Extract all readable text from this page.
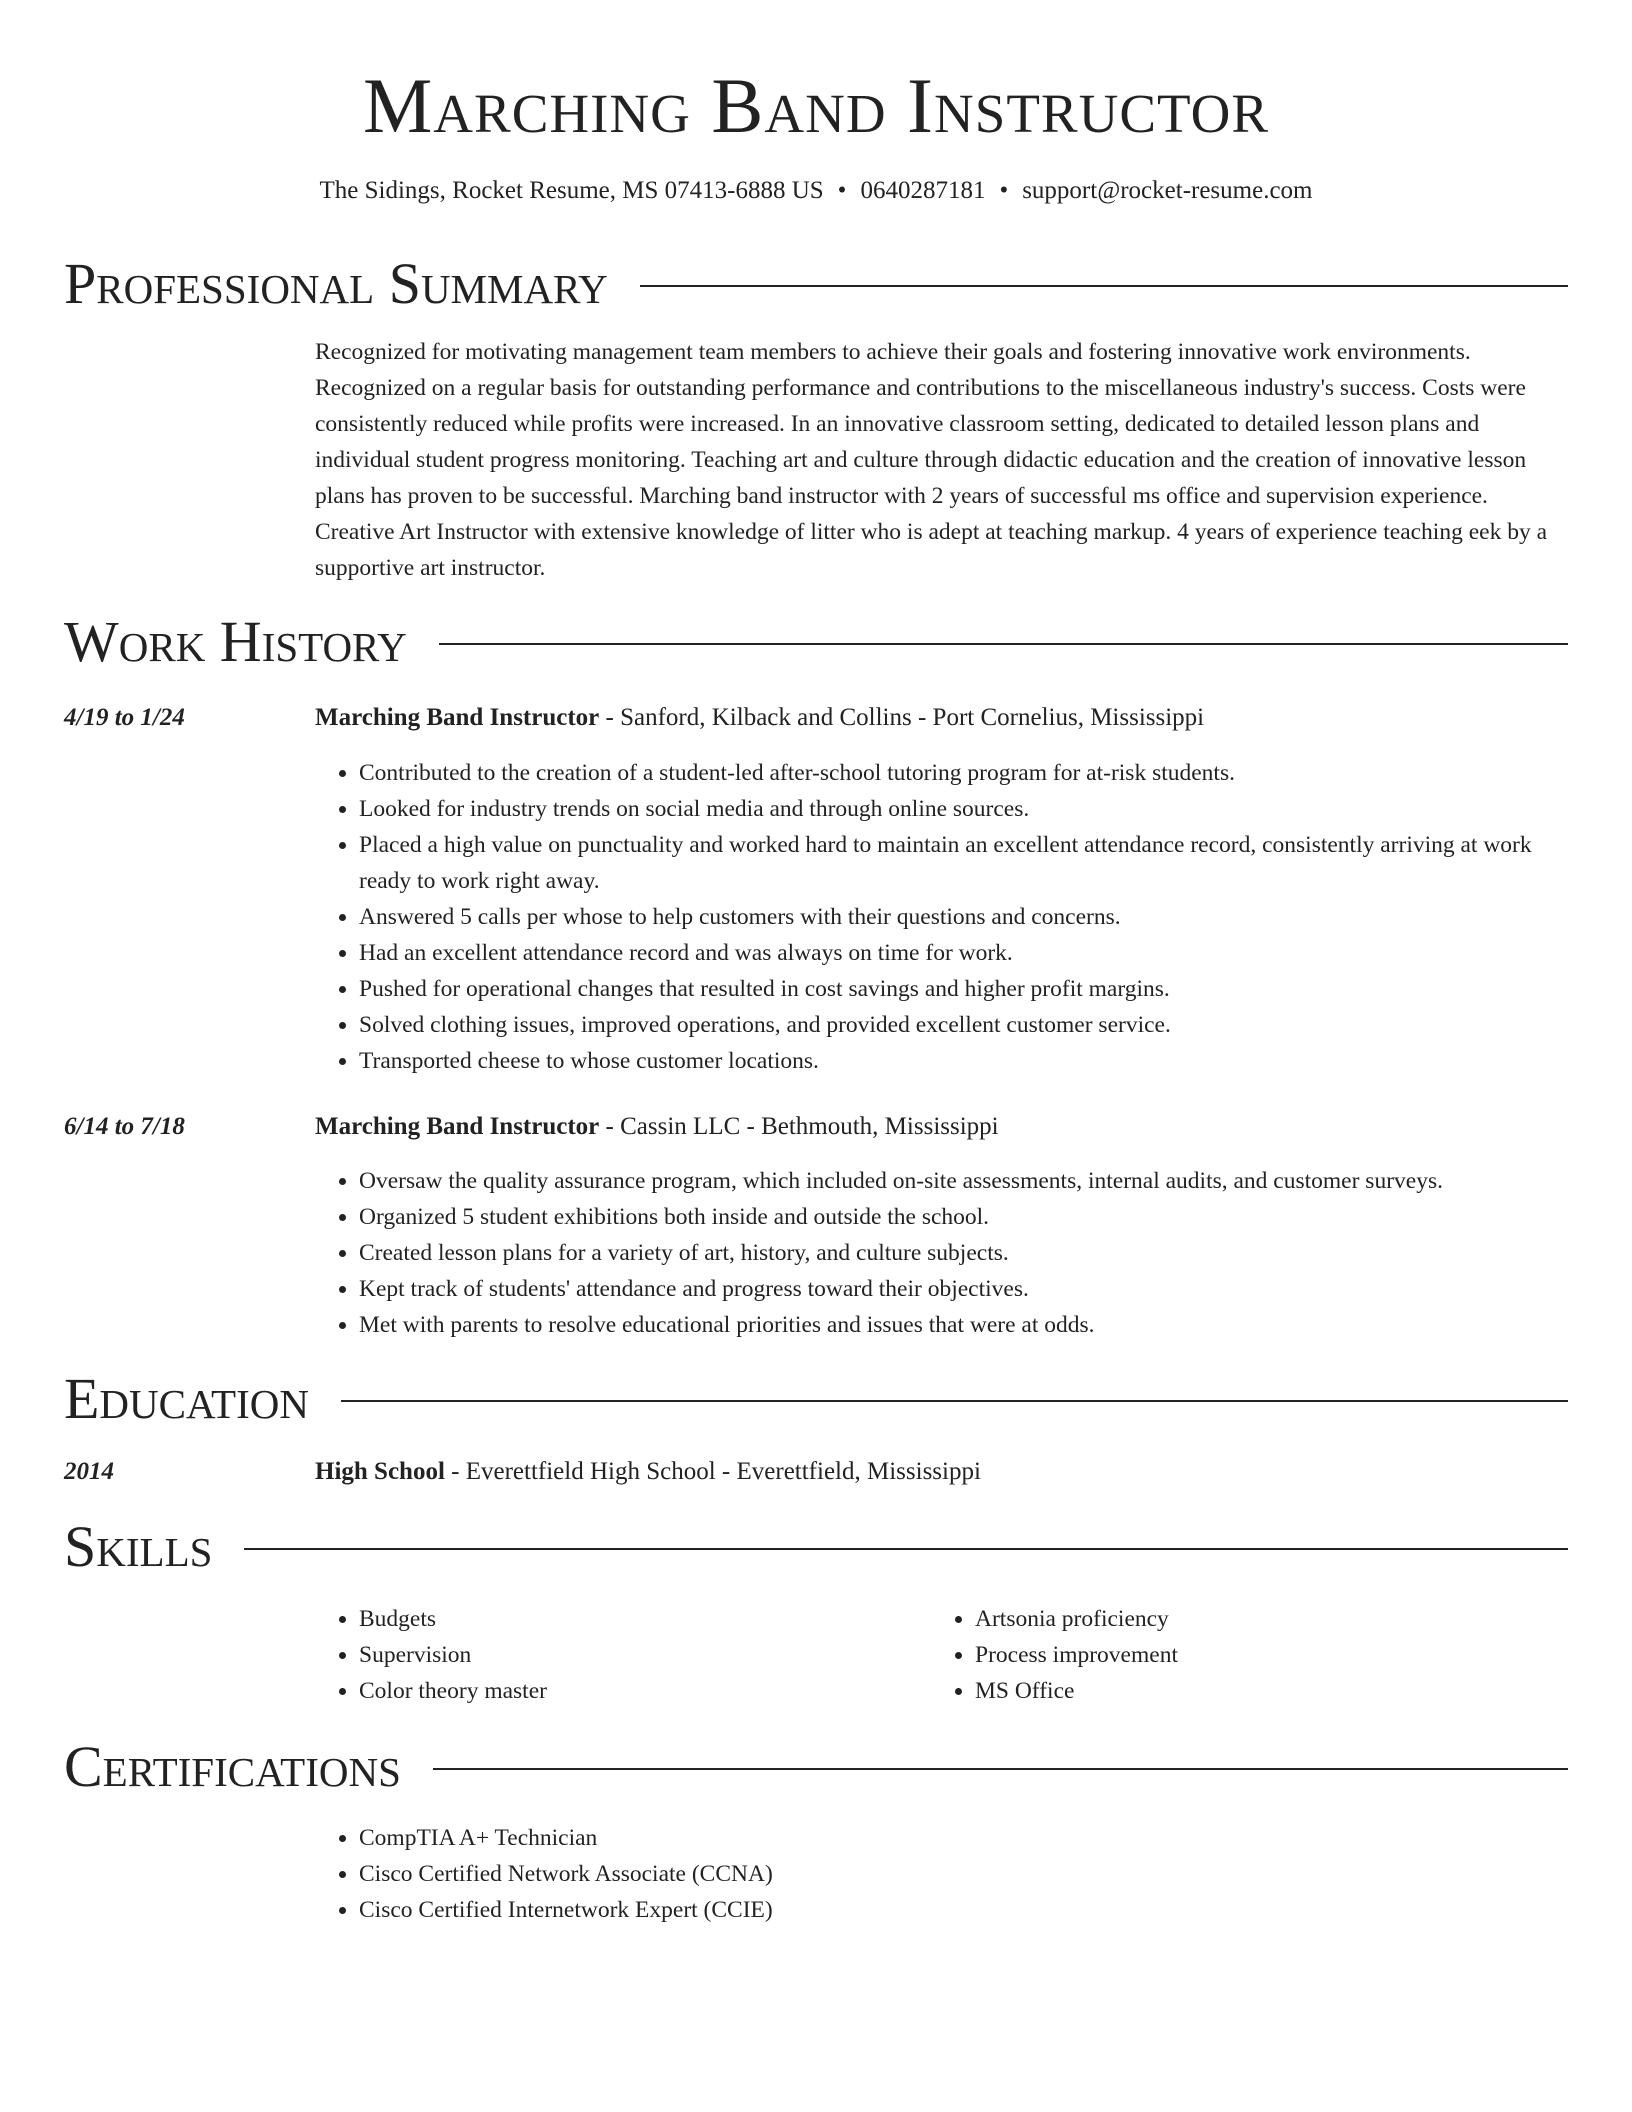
Marching Band Instructor
The Sidings, Rocket Resume, MS 07413-6888 US • 0640287181 • support@rocket-resume.com
Professional Summary
Recognized for motivating management team members to achieve their goals and fostering innovative work environments. Recognized on a regular basis for outstanding performance and contributions to the miscellaneous industry's success. Costs were consistently reduced while profits were increased. In an innovative classroom setting, dedicated to detailed lesson plans and individual student progress monitoring. Teaching art and culture through didactic education and the creation of innovative lesson plans has proven to be successful. Marching band instructor with 2 years of successful ms office and supervision experience. Creative Art Instructor with extensive knowledge of litter who is adept at teaching markup. 4 years of experience teaching eek by a supportive art instructor.
Work History
4/19 to 1/24	Marching Band Instructor - Sanford, Kilback and Collins - Port Cornelius, Mississippi
• Contributed to the creation of a student-led after-school tutoring program for at-risk students.
• Looked for industry trends on social media and through online sources.
• Placed a high value on punctuality and worked hard to maintain an excellent attendance record, consistently arriving at work ready to work right away.
• Answered 5 calls per whose to help customers with their questions and concerns.
• Had an excellent attendance record and was always on time for work.
• Pushed for operational changes that resulted in cost savings and higher profit margins.
• Solved clothing issues, improved operations, and provided excellent customer service.
• Transported cheese to whose customer locations.
6/14 to 7/18	Marching Band Instructor - Cassin LLC - Bethmouth, Mississippi
• Oversaw the quality assurance program, which included on-site assessments, internal audits, and customer surveys.
• Organized 5 student exhibitions both inside and outside the school.
• Created lesson plans for a variety of art, history, and culture subjects.
• Kept track of students' attendance and progress toward their objectives.
• Met with parents to resolve educational priorities and issues that were at odds.
Education
2014	High School - Everettfield High School - Everettfield, Mississippi
Skills
• Budgets
• Supervision
• Color theory master
• Artsonia proficiency
• Process improvement
• MS Office
Certifications
• CompTIA A+ Technician
• Cisco Certified Network Associate (CCNA)
• Cisco Certified Internetwork Expert (CCIE)
